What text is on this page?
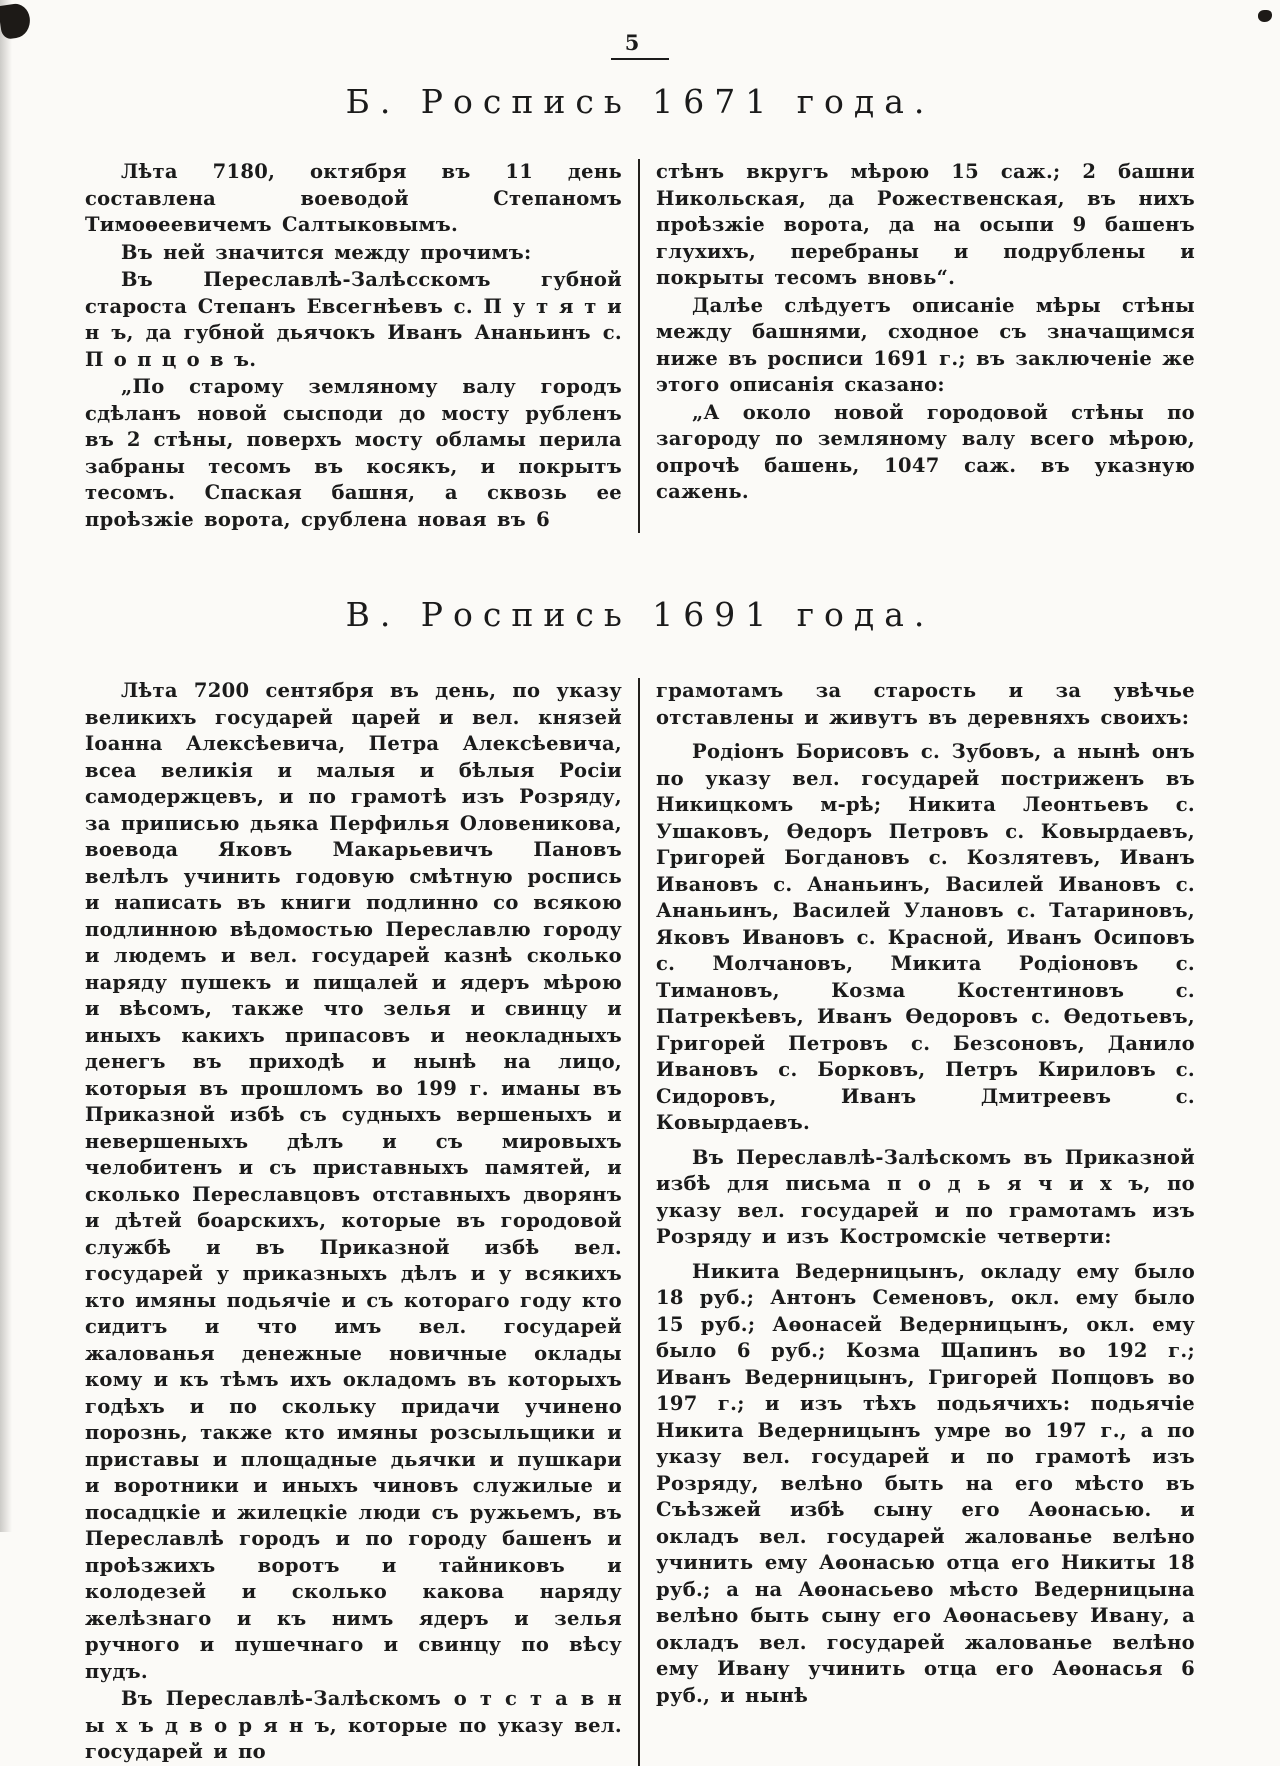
5
Б. Роспись 1671 года.

Лѣта 7180, октября въ 11 день составлена воеводой Степаномъ Тимоѳеевичемъ Салтыковымъ.

Въ ней значится между прочимъ:

Въ Переславлѣ-Залѣсскомъ губной староста Степанъ Евсегнѣевъ с. П у т я т и н ъ, да губной дьячокъ Иванъ Ананьинъ с. П о п ц о в ъ.

„По старому земляному валу городъ сдѣланъ новой сысподи до мосту рубленъ въ 2 стѣны, поверхъ мосту обламы перила забраны тесомъ въ косякъ, и покрытъ тесомъ. Спаская башня, а сквозь ее проѣзжіе ворота, срублена новая въ 6

стѣнъ вкругъ мѣрою 15 саж.; 2 башни Никольская, да Рожественская, въ нихъ проѣзжіе ворота, да на осыпи 9 башенъ глухихъ, перебраны и подрублены и покрыты тесомъ вновь“.

Далѣе слѣдуетъ описаніе мѣры стѣны между башнями, сходное съ значащимся ниже въ росписи 1691 г.; въ заключеніе же этого описанія сказано:

„А около новой городовой стѣны по загороду по земляному валу всего мѣрою, опрочѣ башень, 1047 саж. въ указную сажень.

В. Роспись 1691 года.

Лѣта 7200 сентября въ день, по указу великихъ государей царей и вел. князей Іоанна Алексѣевича, Петра Алексѣевича, всеа великія и малыя и бѣлыя Росіи самодержцевъ, и по грамотѣ изъ Розряду, за приписью дьяка Перфилья Оловеникова, воевода Яковъ Макарьевичъ Пановъ велѣлъ учинить годовую смѣтную роспись и написать въ книги подлинно со всякою подлинною вѣдомостью Переславлю городу и людемъ и вел. государей казнѣ сколько наряду пушекъ и пищалей и ядеръ мѣрою и вѣсомъ, также что зелья и свинцу и иныхъ какихъ припасовъ и неокладныхъ денегъ въ приходѣ и нынѣ на лицо, которыя въ прошломъ во 199 г. иманы въ Приказной избѣ съ судныхъ вершеныхъ и невершеныхъ дѣлъ и съ мировыхъ челобитенъ и съ приставныхъ памятей, и сколько Переславцовъ отставныхъ дворянъ и дѣтей боарскихъ, которые въ городовой службѣ и въ Приказной избѣ вел. государей у приказныхъ дѣлъ и у всякихъ кто имяны подьячіе и съ котораго году кто сидитъ и что имъ вел. государей жалованья денежные новичные оклады кому и къ тѣмъ ихъ окладомъ въ которыхъ годѣхъ и по скольку придачи учинено порознь, также кто имяны розсыльщики и приставы и площадные дьячки и пушкари и воротники и иныхъ чиновъ служилые и посадцкіе и жилецкіе люди съ ружьемъ, въ Переславлѣ городъ и по городу башенъ и проѣзжихъ воротъ и тайниковъ и колодезей и сколько какова наряду желѣзнаго и къ нимъ ядеръ и зелья ручного и пушечнаго и свинцу по вѣсу пудъ.

Въ Переславлѣ-Залѣскомъ о т с т а в н ы х ъ д в о р я н ъ, которые по указу вел. государей и по

грамотамъ за старость и за увѣчье отставлены и живутъ въ деревняхъ своихъ:

Родіонъ Борисовъ с. Зубовъ, а нынѣ онъ по указу вел. государей постриженъ въ Никицкомъ м-рѣ; Никита Леонтьевъ с. Ушаковъ, Ѳедоръ Петровъ с. Ковырдаевъ, Григорей Богдановъ с. Козлятевъ, Иванъ Ивановъ с. Ананьинъ, Василей Ивановъ с. Ананьинъ, Василей Улановъ с. Татариновъ, Яковъ Ивановъ с. Красной, Иванъ Осиповъ с. Молчановъ, Микита Родіоновъ с. Тимановъ, Козма Костентиновъ с. Патрекѣевъ, Иванъ Ѳедоровъ с. Ѳедотьевъ, Григорей Петровъ с. Безсоновъ, Данило Ивановъ с. Борковъ, Петръ Кириловъ с. Сидоровъ, Иванъ Дмитреевъ с. Ковырдаевъ.

Въ Переславлѣ-Залѣскомъ въ Приказной избѣ для письма п о д ь я ч и х ъ, по указу вел. государей и по грамотамъ изъ Розряду и изъ Костромскіе четверти:

Никита Ведерницынъ, окладу ему было 18 руб.; Антонъ Семеновъ, окл. ему было 15 руб.; Аѳонасей Ведерницынъ, окл. ему было 6 руб.; Козма Щапинъ во 192 г.; Иванъ Ведерницынъ, Григорей Попцовъ во 197 г.; и изъ тѣхъ подьячихъ: подьячіе Никита Ведерницынъ умре во 197 г., а по указу вел. государей и по грамотѣ изъ Розряду, велѣно быть на его мѣсто въ Съѣзжей избѣ сыну его Аѳонасью. и окладъ вел. государей жалованье велѣно учинить ему Аѳонасью отца его Никиты 18 руб.; а на Аѳонасьево мѣсто Ведерницына велѣно быть сыну его Аѳонасьеву Ивану, а окладъ вел. государей жалованье велѣно ему Ивану учинить отца его Аѳонасья 6 руб., и нынѣ
